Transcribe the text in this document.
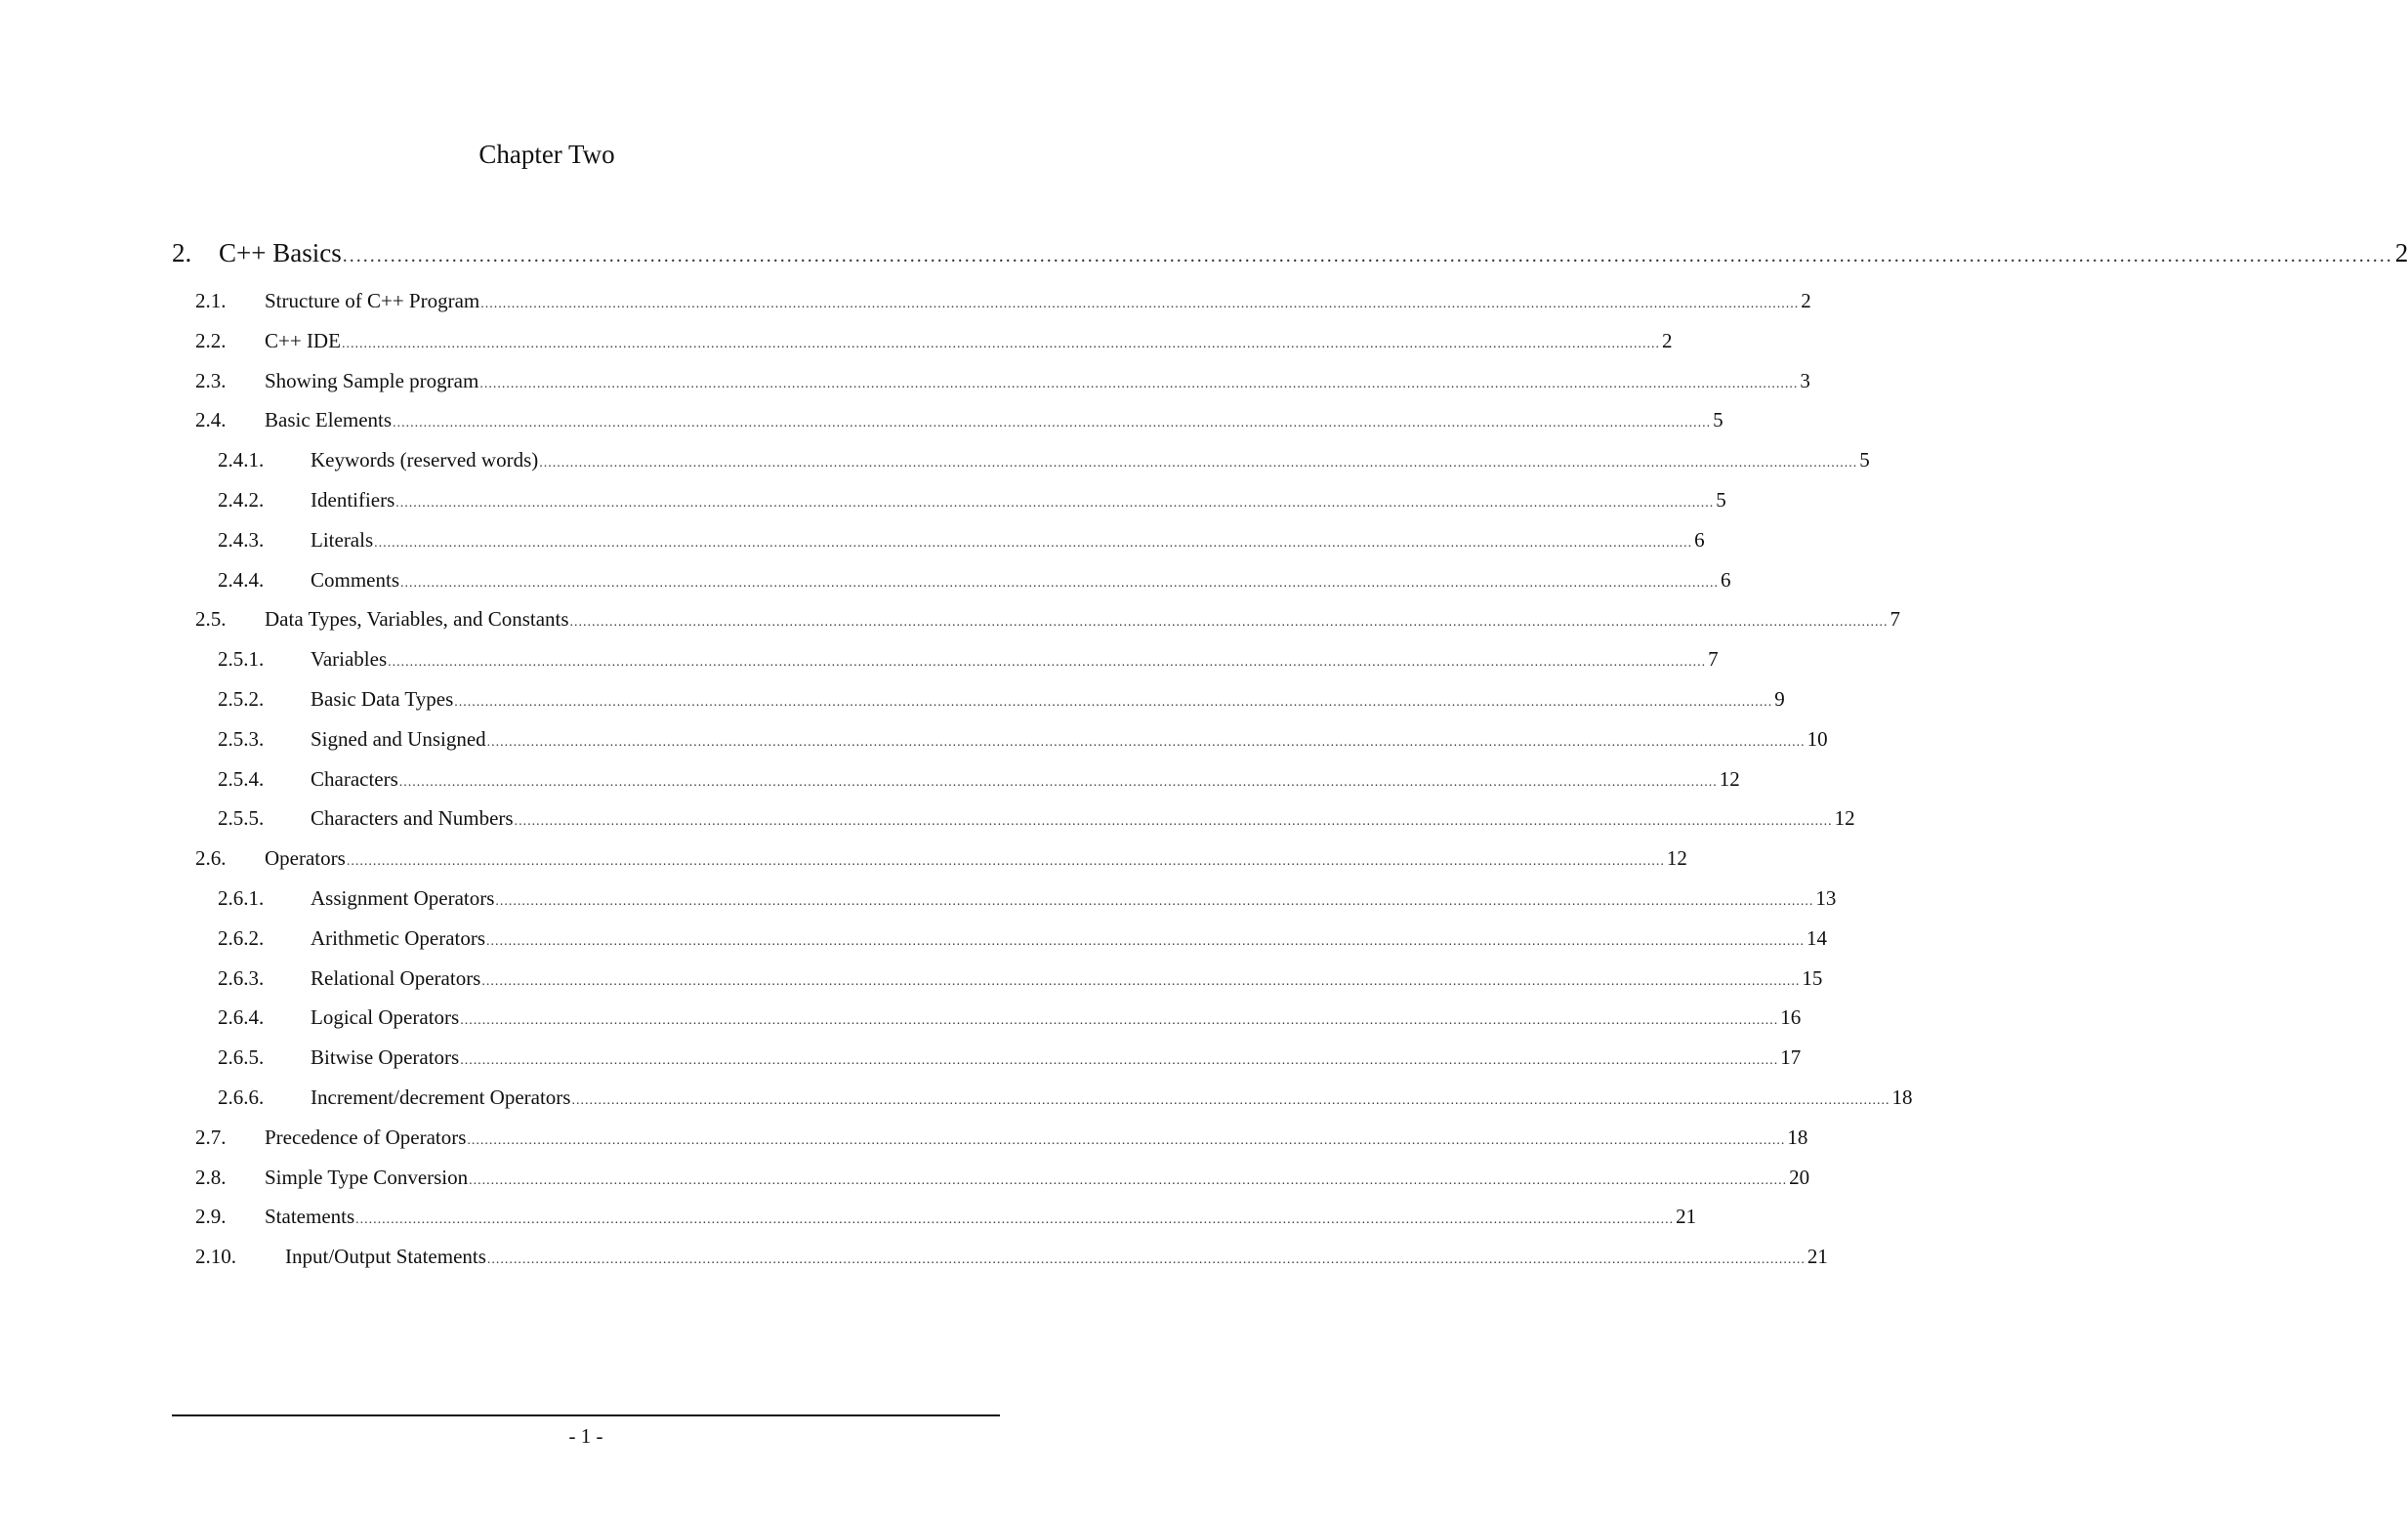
Chapter Two
2.	C++ Basics ............................................................................................................................................................................................................................................................................................................ 2
2.1.	Structure of C++ Program ............................................................................................................................................................................................................................................................................................................ 2
2.2.	C++ IDE ............................................................................................................................................................................................................................................................................................................ 2
2.3.	Showing Sample program ............................................................................................................................................................................................................................................................................................................ 3
2.4.	Basic Elements ............................................................................................................................................................................................................................................................................................................ 5
2.4.1.	Keywords (reserved words) ............................................................................................................................................................................................................................................................................................................ 5
2.4.2.	Identifiers ............................................................................................................................................................................................................................................................................................................ 5
2.4.3.	Literals ............................................................................................................................................................................................................................................................................................................ 6
2.4.4.	Comments ............................................................................................................................................................................................................................................................................................................ 6
2.5.	Data Types, Variables, and Constants ............................................................................................................................................................................................................................................................................................................ 7
2.5.1.	Variables ............................................................................................................................................................................................................................................................................................................ 7
2.5.2.	Basic Data Types ............................................................................................................................................................................................................................................................................................................ 9
2.5.3.	Signed and Unsigned ............................................................................................................................................................................................................................................................................................................ 10
2.5.4.	Characters ............................................................................................................................................................................................................................................................................................................ 12
2.5.5.	Characters and Numbers ............................................................................................................................................................................................................................................................................................................ 12
2.6.	Operators ............................................................................................................................................................................................................................................................................................................ 12
2.6.1.	Assignment Operators ............................................................................................................................................................................................................................................................................................................ 13
2.6.2.	Arithmetic Operators ............................................................................................................................................................................................................................................................................................................ 14
2.6.3.	Relational Operators ............................................................................................................................................................................................................................................................................................................ 15
2.6.4.	Logical Operators ............................................................................................................................................................................................................................................................................................................ 16
2.6.5.	Bitwise Operators ............................................................................................................................................................................................................................................................................................................ 17
2.6.6.	Increment/decrement Operators ............................................................................................................................................................................................................................................................................................................ 18
2.7.	Precedence of Operators ............................................................................................................................................................................................................................................................................................................ 18
2.8.	Simple Type Conversion ............................................................................................................................................................................................................................................................................................................ 20
2.9.	Statements ............................................................................................................................................................................................................................................................................................................ 21
2.10.	Input/Output Statements ............................................................................................................................................................................................................................................................................................................ 21
- 1 -
